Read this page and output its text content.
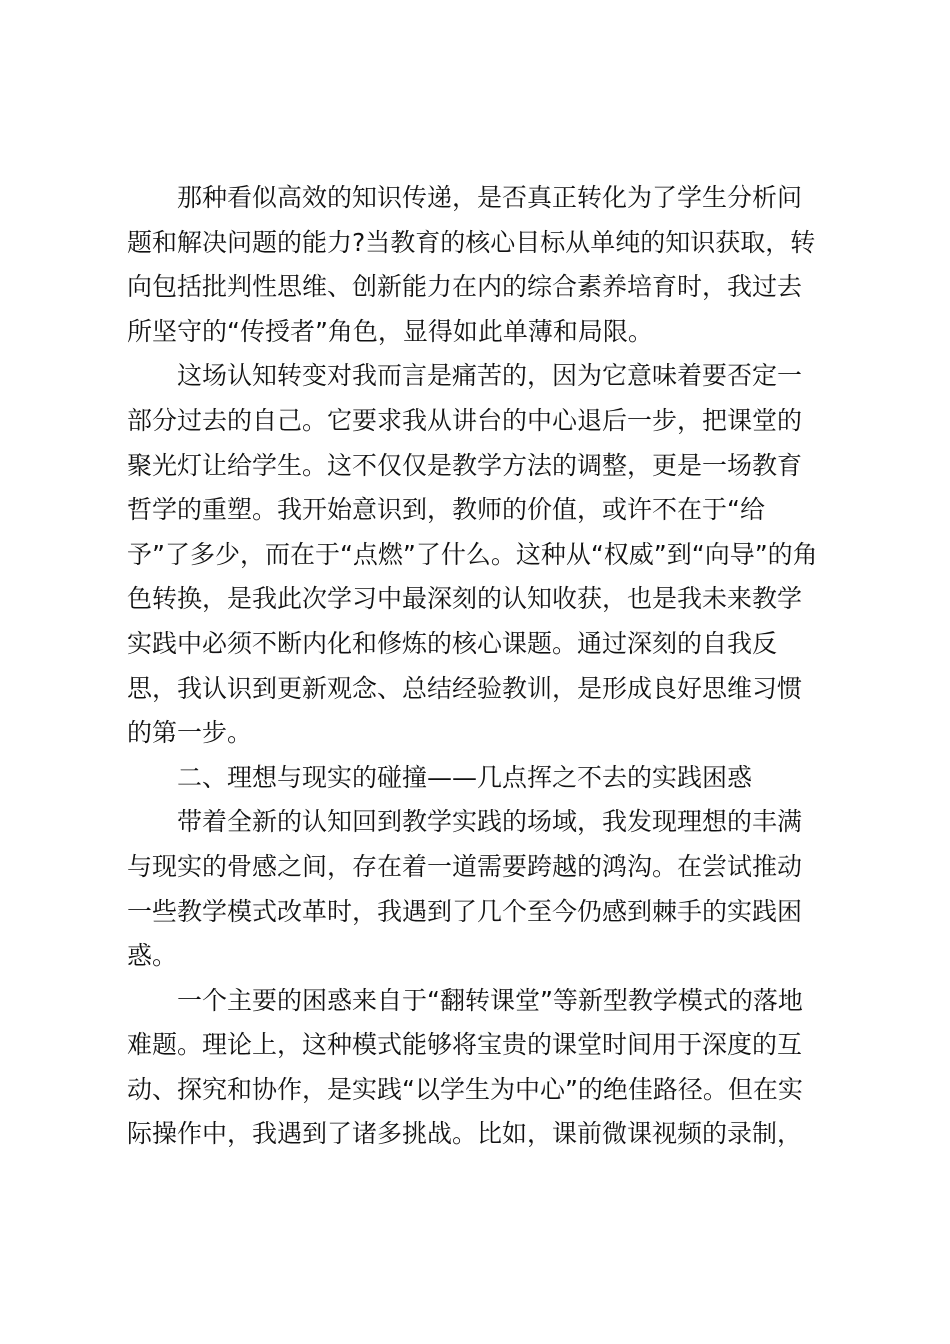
　　那种看似高效的知识传递，是否真正转化为了学生分析问
题和解决问题的能力?当教育的核心目标从单纯的知识获取，转
向包括批判性思维、创新能力在内的综合素养培育时，我过去
所坚守的“传授者”角色，显得如此单薄和局限。
　　这场认知转变对我而言是痛苦的，因为它意味着要否定一
部分过去的自己。它要求我从讲台的中心退后一步，把课堂的
聚光灯让给学生。这不仅仅是教学方法的调整，更是一场教育
哲学的重塑。我开始意识到，教师的价值，或许不在于“给
予”了多少，而在于“点燃”了什么。这种从“权威”到“向导”的角
色转换，是我此次学习中最深刻的认知收获，也是我未来教学
实践中必须不断内化和修炼的核心课题。通过深刻的自我反
思，我认识到更新观念、总结经验教训，是形成良好思维习惯
的第一步。
　　二、理想与现实的碰撞——几点挥之不去的实践困惑
　　带着全新的认知回到教学实践的场域，我发现理想的丰满
与现实的骨感之间，存在着一道需要跨越的鸿沟。在尝试推动
一些教学模式改革时，我遇到了几个至今仍感到棘手的实践困
惑。
　　一个主要的困惑来自于“翻转课堂”等新型教学模式的落地
难题。理论上，这种模式能够将宝贵的课堂时间用于深度的互
动、探究和协作，是实践“以学生为中心”的绝佳路径。但在实
际操作中，我遇到了诸多挑战。比如，课前微课视频的录制，
